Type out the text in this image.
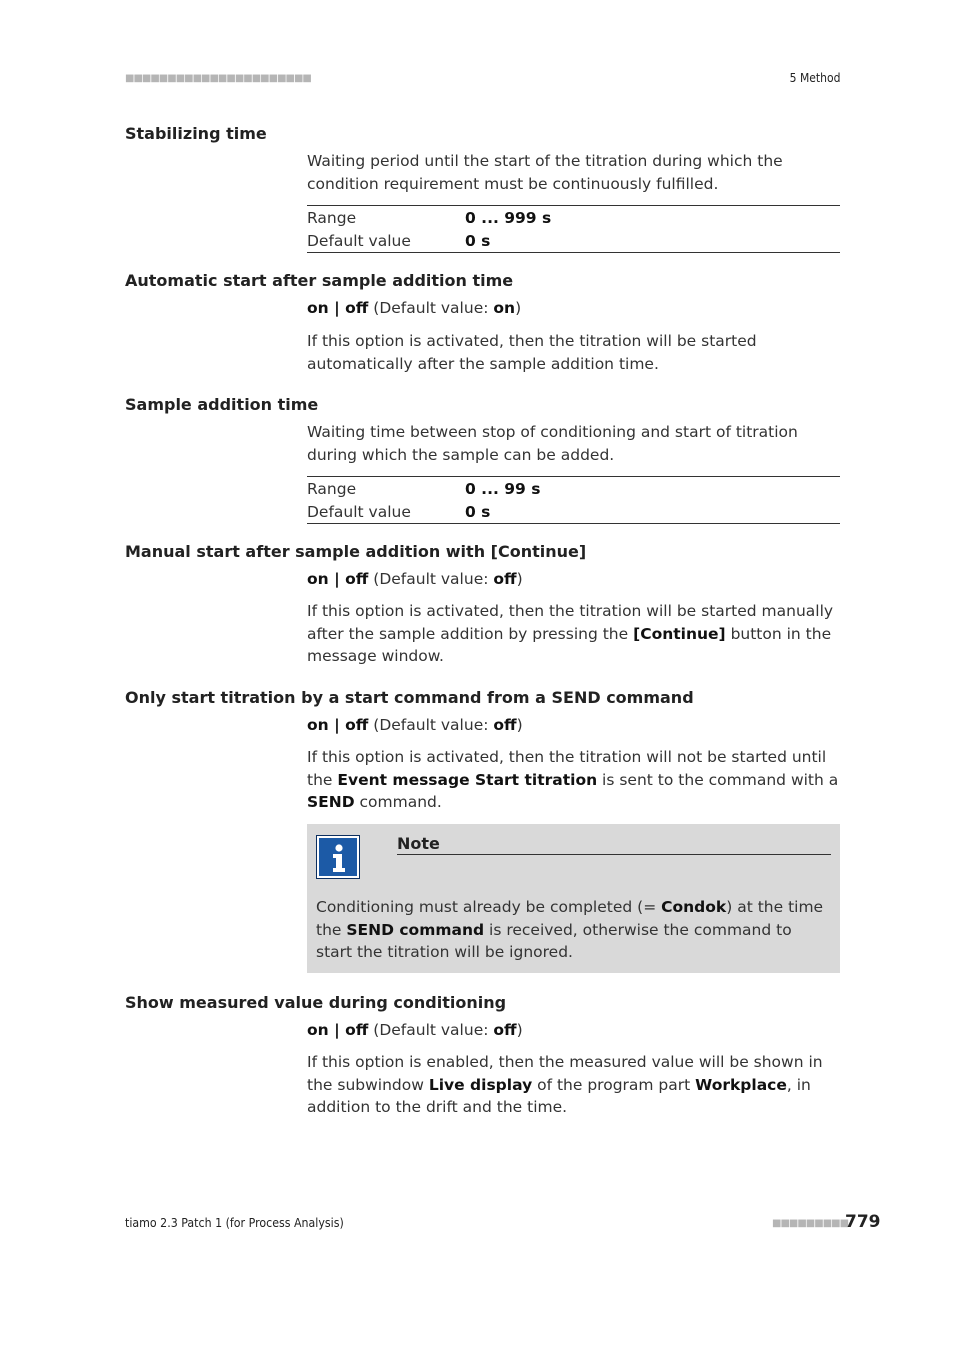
■■■■■■■■■■■■■■■■■■■■■■	5 Method
Stabilizing time
Waiting period until the start of the titration during which the condition requirement must be continuously fulfilled.
Range	0 ... 999 s
Default value	0 s
Automatic start after sample addition time
on | off (Default value: on)
If this option is activated, then the titration will be started automatically after the sample addition time.
Sample addition time
Waiting time between stop of conditioning and start of titration during which the sample can be added.
Range	0 ... 99 s
Default value	0 s
Manual start after sample addition with [Continue]
on | off (Default value: off)
If this option is activated, then the titration will be started manually after the sample addition by pressing the [Continue] button in the message window.
Only start titration by a start command from a SEND command
on | off (Default value: off)
If this option is activated, then the titration will not be started until the Event message Start titration is sent to the command with a SEND command.
Note
Conditioning must already be completed (= Condok) at the time the SEND command is received, otherwise the command to start the titration will be ignored.
Show measured value during conditioning
on | off (Default value: off)
If this option is enabled, then the measured value will be shown in the subwindow Live display of the program part Workplace, in addition to the drift and the time.
tiamo 2.3 Patch 1 (for Process Analysis)	■■■■■■■■■
779
